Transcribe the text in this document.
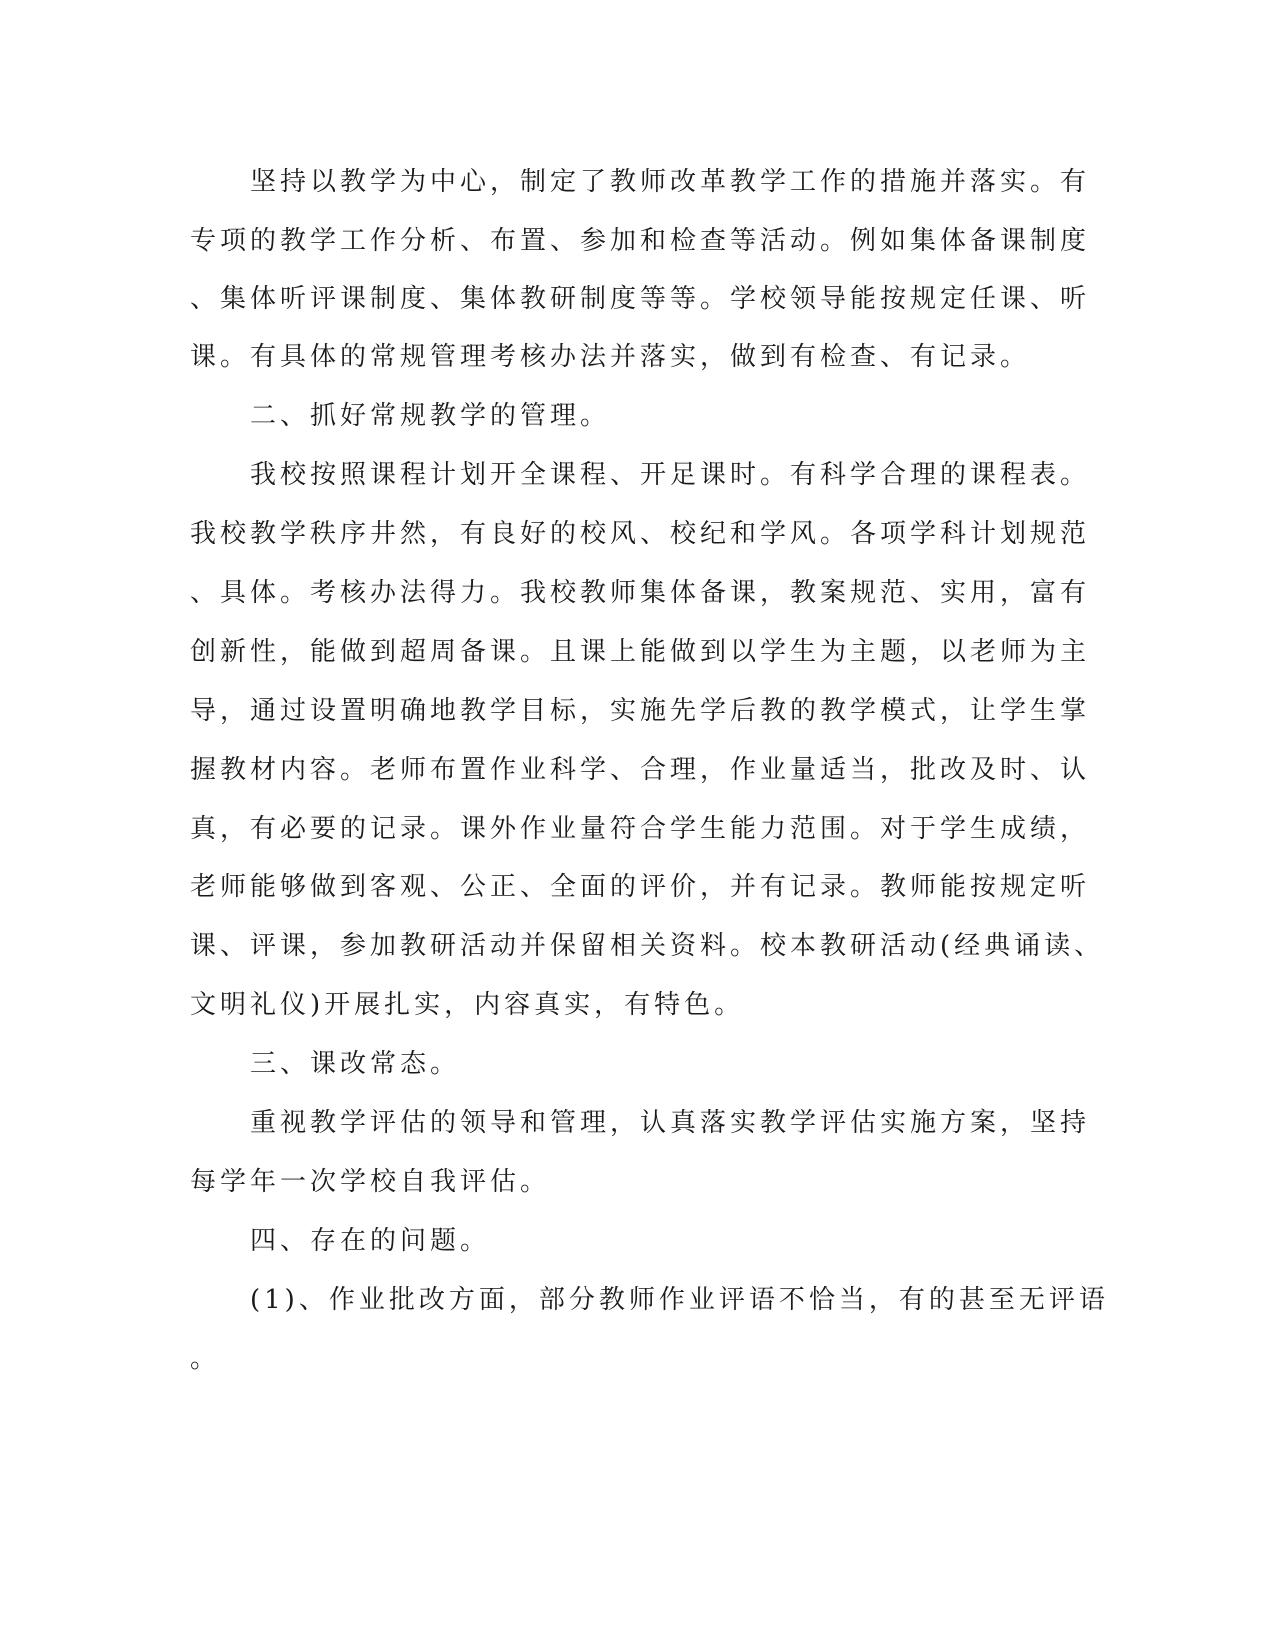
　　坚持以教学为中心，制定了教师改革教学工作的措施并落实。有
专项的教学工作分析、布置、参加和检查等活动。例如集体备课制度
、集体听评课制度、集体教研制度等等。学校领导能按规定任课、听
课。有具体的常规管理考核办法并落实，做到有检查、有记录。
　　二、抓好常规教学的管理。
　　我校按照课程计划开全课程、开足课时。有科学合理的课程表。
我校教学秩序井然，有良好的校风、校纪和学风。各项学科计划规范
、具体。考核办法得力。我校教师集体备课，教案规范、实用，富有
创新性，能做到超周备课。且课上能做到以学生为主题，以老师为主
导，通过设置明确地教学目标，实施先学后教的教学模式，让学生掌
握教材内容。老师布置作业科学、合理，作业量适当，批改及时、认
真，有必要的记录。课外作业量符合学生能力范围。对于学生成绩，
老师能够做到客观、公正、全面的评价，并有记录。教师能按规定听
课、评课，参加教研活动并保留相关资料。校本教研活动(经典诵读、
文明礼仪)开展扎实，内容真实，有特色。
　　三、课改常态。
　　重视教学评估的领导和管理，认真落实教学评估实施方案，坚持
每学年一次学校自我评估。
　　四、存在的问题。
　　(1)、作业批改方面，部分教师作业评语不恰当，有的甚至无评语
。
